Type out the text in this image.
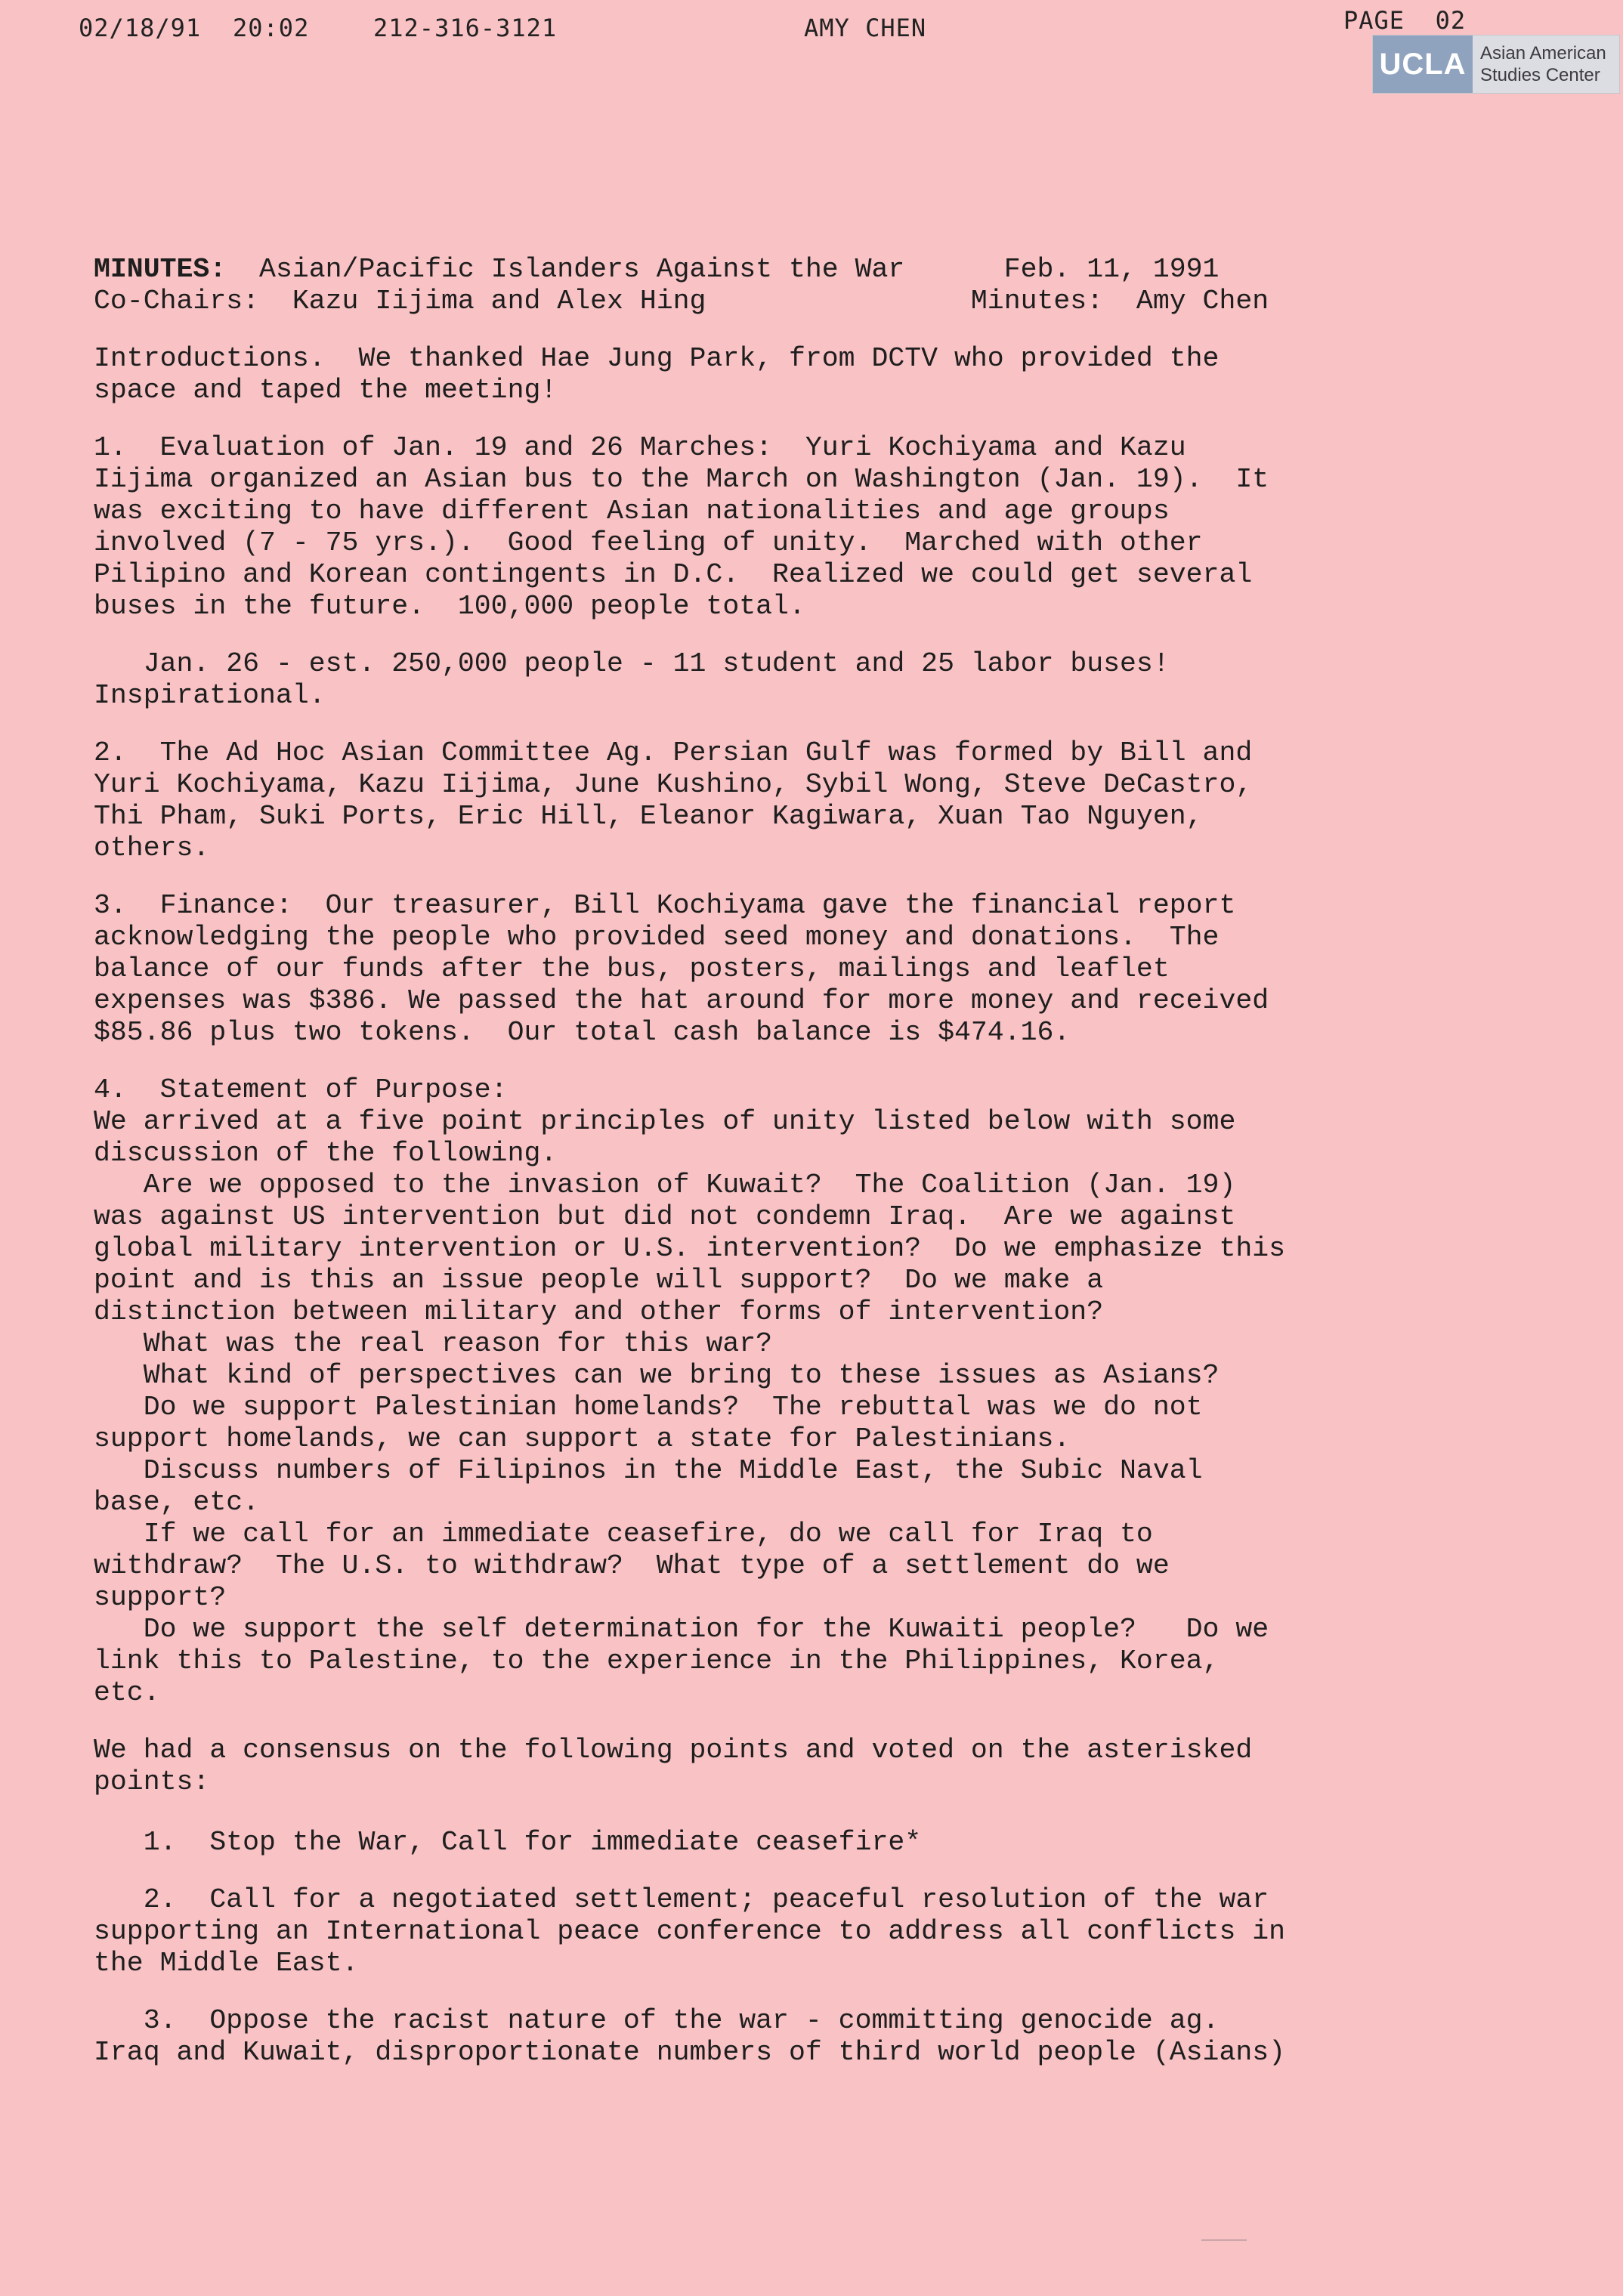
02/18/91 20:02	212-316-3121	AMY CHEN	PAGE  02
UCLA Asian American
Studies Center

MINUTES:  Asian/Pacific Islanders Against the War      Feb. 11, 1991

Co-Chairs:  Kazu Iijima and Alex Hing                Minutes:  Amy Chen

Introductions.  We thanked Hae Jung Park, from DCTV who provided the
space and taped the meeting!

1.  Evaluation of Jan. 19 and 26 Marches:  Yuri Kochiyama and Kazu
Iijima organized an Asian bus to the March on Washington (Jan. 19).  It
was exciting to have different Asian nationalities and age groups
involved (7 - 75 yrs.).  Good feeling of unity.  Marched with other
Pilipino and Korean contingents in D.C.  Realized we could get several
buses in the future.  100,000 people total.

Jan. 26 - est. 250,000 people - 11 student and 25 labor buses!
Inspirational.

2.  The Ad Hoc Asian Committee Ag. Persian Gulf was formed by Bill and
Yuri Kochiyama, Kazu Iijima, June Kushino, Sybil Wong, Steve DeCastro,
Thi Pham, Suki Ports, Eric Hill, Eleanor Kagiwara, Xuan Tao Nguyen,
others.

3.  Finance:  Our treasurer, Bill Kochiyama gave the financial report
acknowledging the people who provided seed money and donations.  The
balance of our funds after the bus, posters, mailings and leaflet
expenses was $386. We passed the hat around for more money and received
$85.86 plus two tokens.  Our total cash balance is $474.16.

4.  Statement of Purpose:

We arrived at a five point principles of unity listed below with some
discussion of the following.

Are we opposed to the invasion of Kuwait?  The Coalition (Jan. 19)
was against US intervention but did not condemn Iraq.  Are we against
global military intervention or U.S. intervention?  Do we emphasize this
point and is this an issue people will support?  Do we make a
distinction between military and other forms of intervention?

What was the real reason for this war?

What kind of perspectives can we bring to these issues as Asians?

Do we support Palestinian homelands?  The rebuttal was we do not
support homelands, we can support a state for Palestinians.

Discuss numbers of Filipinos in the Middle East, the Subic Naval
base, etc.

If we call for an immediate ceasefire, do we call for Iraq to
withdraw?  The U.S. to withdraw?  What type of a settlement do we
support?

Do we support the self determination for the Kuwaiti people?   Do we
link this to Palestine, to the experience in the Philippines, Korea,
etc.

We had a consensus on the following points and voted on the asterisked
points:

1.  Stop the War, Call for immediate ceasefire*

2.  Call for a negotiated settlement; peaceful resolution of the war
supporting an International peace conference to address all conflicts in
the Middle East.

3.  Oppose the racist nature of the war - committing genocide ag.
Iraq and Kuwait, disproportionate numbers of third world people (Asians)
